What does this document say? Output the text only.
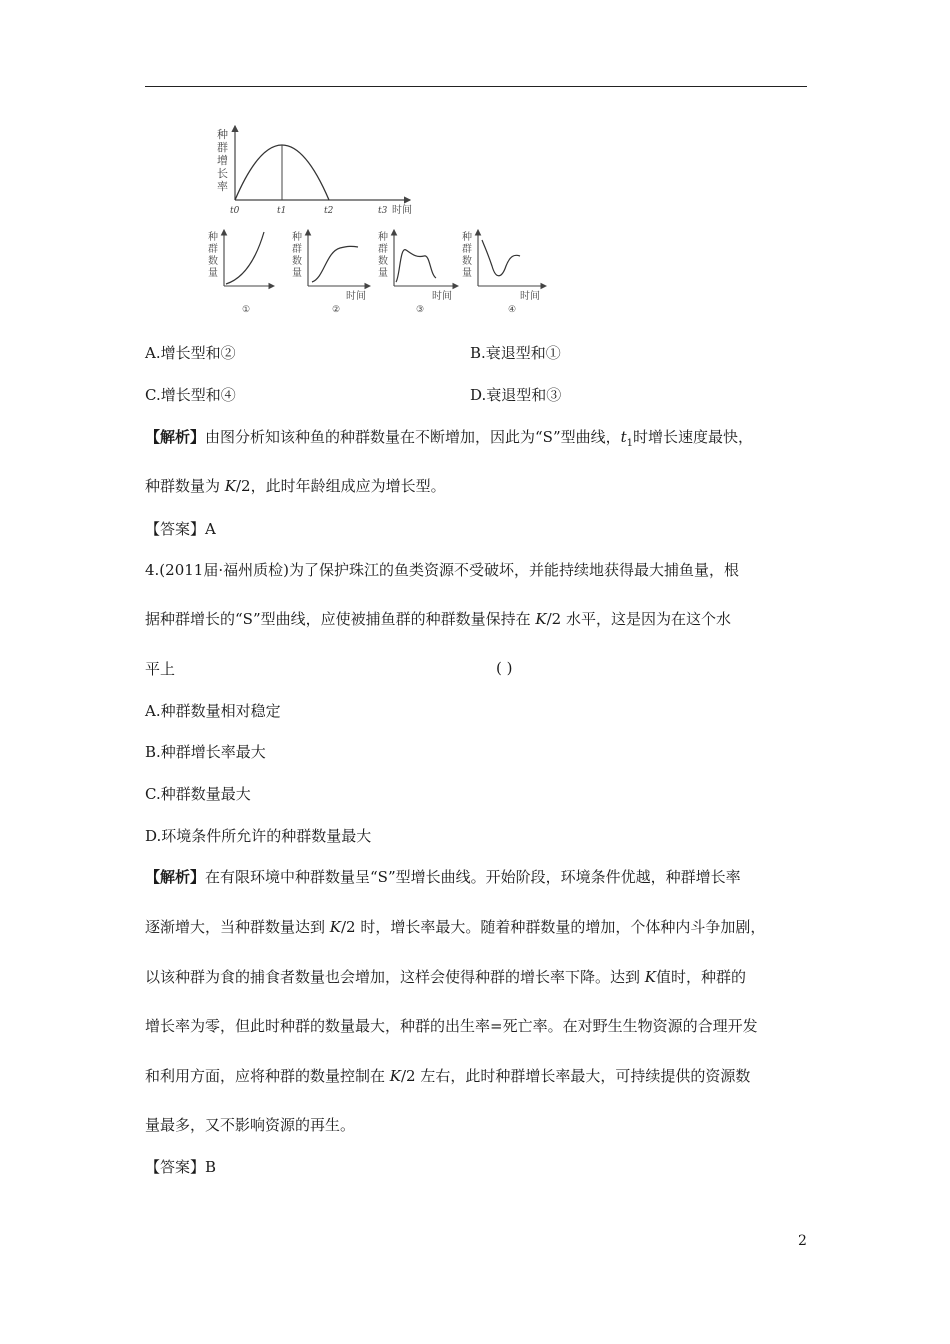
种
群
增
长
率
t0	t1	t2	t3 时间
种
群
数
量
①
种
群
数
量
时间
②
种
群
数
量
时间
③
种
群
数
量
时间
④
A.增长型和②	B.衰退型和①
C.增长型和④	D.衰退型和③
【解析】由图分析知该种鱼的种群数量在不断增加，因此为“S”型曲线，$t_1$时增长速度最快，
种群数量为 K/2，此时年龄组成应为增长型。
【答案】A
4.(2011届·福州质检)为了保护珠江的鱼类资源不受破坏，并能持续地获得最大捕鱼量，根
据种群增长的“S”型曲线，应使被捕鱼群的种群数量保持在 K/2 水平，这是因为在这个水
平上	( )
A.种群数量相对稳定
B.种群增长率最大
C.种群数量最大
D.环境条件所允许的种群数量最大
【解析】在有限环境中种群数量呈“S”型增长曲线。开始阶段，环境条件优越，种群增长率
逐渐增大，当种群数量达到 K/2 时，增长率最大。随着种群数量的增加，个体种内斗争加剧，
以该种群为食的捕食者数量也会增加，这样会使得种群的增长率下降。达到 K值时，种群的
增长率为零，但此时种群的数量最大，种群的出生率=死亡率。在对野生生物资源的合理开发
和利用方面，应将种群的数量控制在 K/2 左右，此时种群增长率最大，可持续提供的资源数
量最多，又不影响资源的再生。
【答案】B
2
